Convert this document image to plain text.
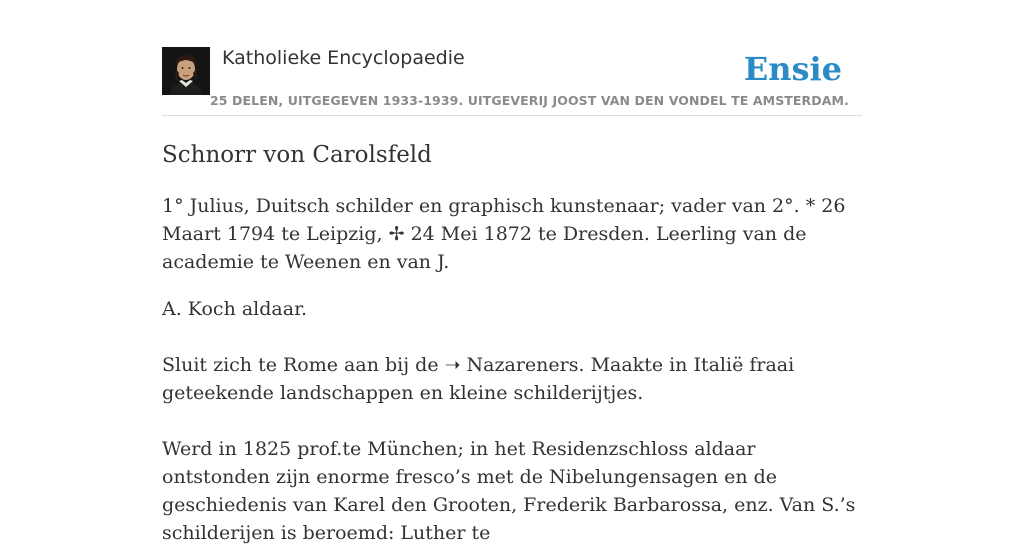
Katholieke Encyclopaedie	Ensie
25 DELEN, UITGEGEVEN 1933-1939. UITGEVERIJ JOOST VAN DEN VONDEL TE AMSTERDAM.
Schnorr von Carolsfeld

1° Julius, Duitsch schilder en graphisch kunstenaar; vader van 2°. * 26 Maart 1794 te Leipzig, ✢ 24 Mei 1872 te Dresden. Leerling van de academie te Weenen en van J.

A. Koch aldaar.

Sluit zich te Rome aan bij de ➝ Nazareners. Maakte in Italië fraai geteekende landschappen en kleine schilderijtjes.

Werd in 1825 prof.te München; in het Residenzschloss aldaar ontstonden zijn enorme fresco’s met de Nibelungensagen en de geschiedenis van Karel den Grooten, Frederik Barbarossa, enz. Van S.’s schilderijen is beroemd: Luther te
